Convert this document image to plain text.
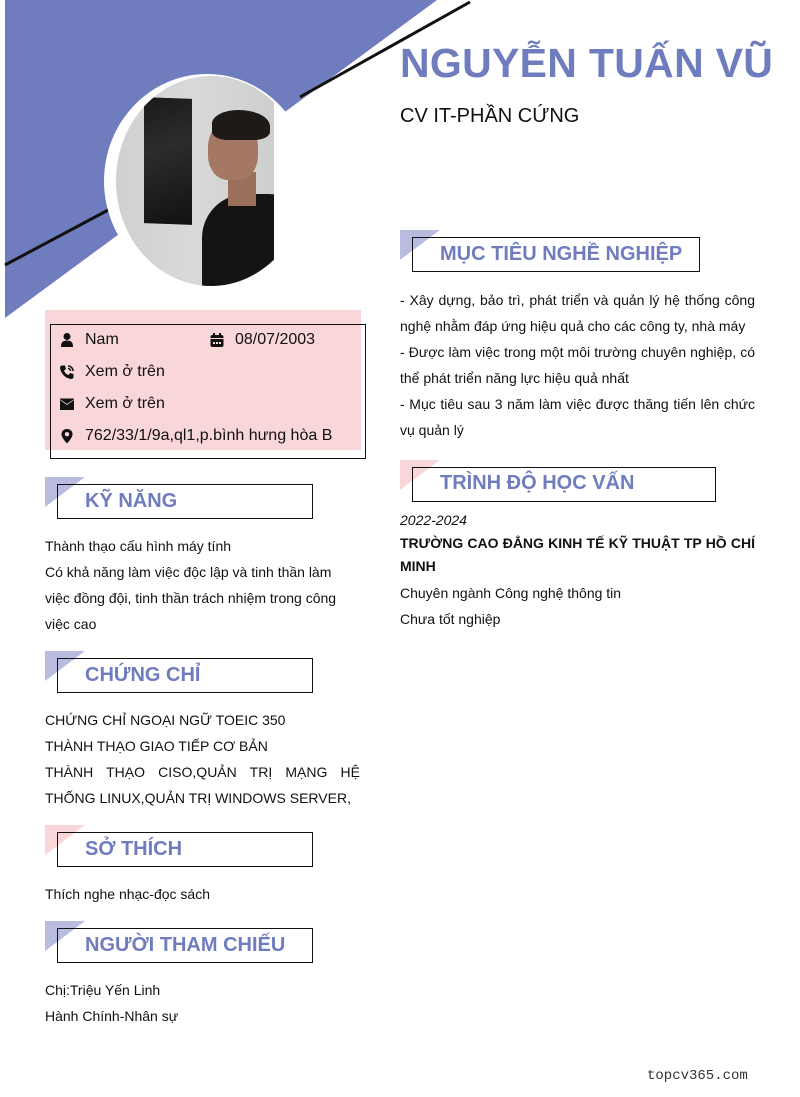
NGUYỄN TUẤN VŨ
CV IT-PHẦN CỨNG
Nam	08/07/2003
Xem ở trên
Xem ở trên
762/33/1/9a,ql1,p.bình hưng hòa B
MỤC TIÊU NGHỀ NGHIỆP
- Xây dựng, bảo trì, phát triển và quản lý hệ thống công nghệ nhằm đáp ứng hiệu quả cho các công ty, nhà máy
- Được làm việc trong một môi trường chuyên nghiệp, có thể phát triển năng lực hiệu quả nhất
- Mục tiêu sau 3 năm làm việc được thăng tiến lên chức vụ quản lý
TRÌNH ĐỘ HỌC VẤN
2022-2024
TRƯỜNG CAO ĐẲNG KINH TẾ KỸ THUẬT TP HỒ CHÍ MINH
Chuyên ngành Công nghệ thông tin
Chưa tốt nghiệp
KỸ NĂNG
Thành thạo cấu hình máy tính
Có khả năng làm việc độc lập và tinh thần làm việc đồng đội, tinh thần trách nhiệm trong công việc cao
CHỨNG CHỈ
CHỨNG CHỈ NGOẠI NGỮ TOEIC 350
THÀNH THẠO GIAO TIẾP CƠ BẢN
THÀNH THẠO CISO,QUẢN TRỊ MẠNG HỆ THỐNG LINUX,QUẢN TRỊ WINDOWS SERVER,
SỞ THÍCH
Thích nghe nhạc-đọc sách
NGƯỜI THAM CHIẾU
Chị:Triệu Yến Linh
Hành Chính-Nhân sự
topcv365.com
